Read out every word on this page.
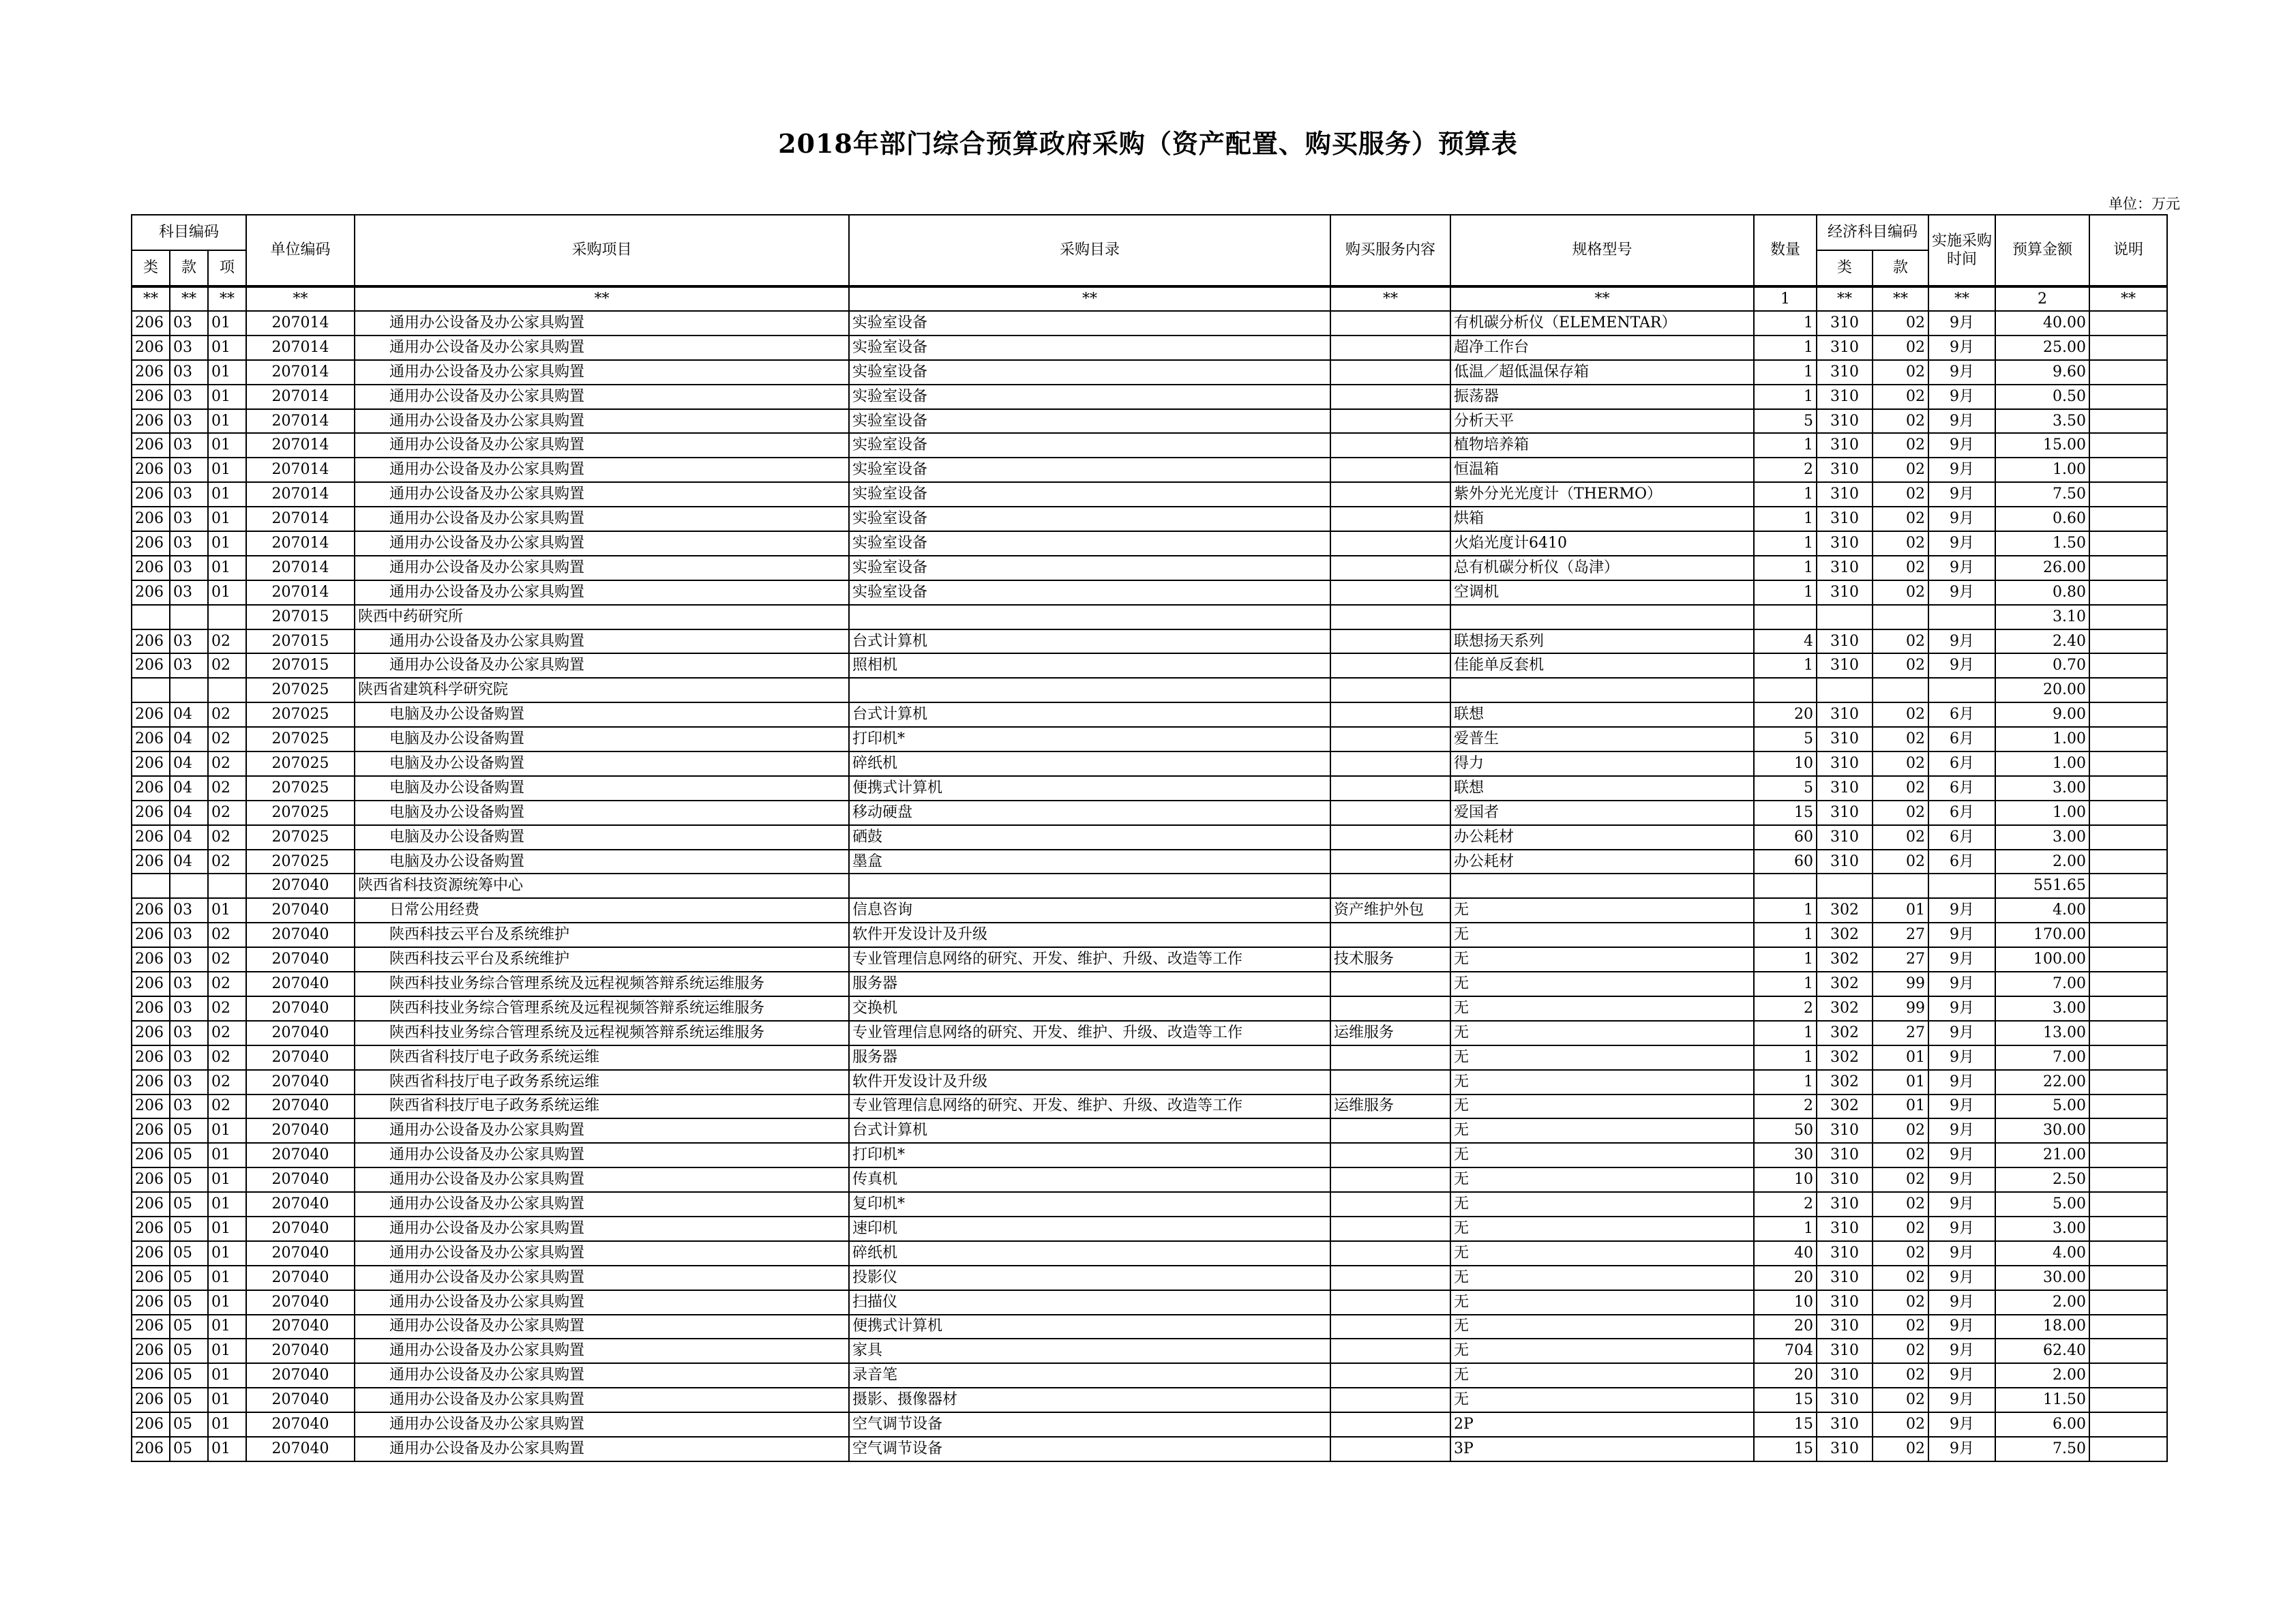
2018年部门综合预算政府采购（资产配置、购买服务）预算表
单位：万元
科目编码			单位编码	采购项目	采购目录	购买服务内容	规格型号	数量	经济科目编码		实施采购时间	预算金额	说明
类	款	项							类	款			
**	**	**	**	**	**	**	**	1	**	**	**	2	**
206	03	01	207014	通用办公设备及办公家具购置	实验室设备		有机碳分析仪（ELEMENTAR）	1	310	02	9月	40.00	
206	03	01	207014	通用办公设备及办公家具购置	实验室设备		超净工作台	1	310	02	9月	25.00	
206	03	01	207014	通用办公设备及办公家具购置	实验室设备		低温／超低温保存箱	1	310	02	9月	9.60	
206	03	01	207014	通用办公设备及办公家具购置	实验室设备		振荡器	1	310	02	9月	0.50	
206	03	01	207014	通用办公设备及办公家具购置	实验室设备		分析天平	5	310	02	9月	3.50	
206	03	01	207014	通用办公设备及办公家具购置	实验室设备		植物培养箱	1	310	02	9月	15.00	
206	03	01	207014	通用办公设备及办公家具购置	实验室设备		恒温箱	2	310	02	9月	1.00	
206	03	01	207014	通用办公设备及办公家具购置	实验室设备		紫外分光光度计（THERMO）	1	310	02	9月	7.50	
206	03	01	207014	通用办公设备及办公家具购置	实验室设备		烘箱	1	310	02	9月	0.60	
206	03	01	207014	通用办公设备及办公家具购置	实验室设备		火焰光度计6410	1	310	02	9月	1.50	
206	03	01	207014	通用办公设备及办公家具购置	实验室设备		总有机碳分析仪（岛津）	1	310	02	9月	26.00	
206	03	01	207014	通用办公设备及办公家具购置	实验室设备		空调机	1	310	02	9月	0.80	
			207015	陕西中药研究所								3.10	
206	03	02	207015	通用办公设备及办公家具购置	台式计算机		联想扬天系列	4	310	02	9月	2.40	
206	03	02	207015	通用办公设备及办公家具购置	照相机		佳能单反套机	1	310	02	9月	0.70	
			207025	陕西省建筑科学研究院								20.00	
206	04	02	207025	电脑及办公设备购置	台式计算机		联想	20	310	02	6月	9.00	
206	04	02	207025	电脑及办公设备购置	打印机*		爱普生	5	310	02	6月	1.00	
206	04	02	207025	电脑及办公设备购置	碎纸机		得力	10	310	02	6月	1.00	
206	04	02	207025	电脑及办公设备购置	便携式计算机		联想	5	310	02	6月	3.00	
206	04	02	207025	电脑及办公设备购置	移动硬盘		爱国者	15	310	02	6月	1.00	
206	04	02	207025	电脑及办公设备购置	硒鼓		办公耗材	60	310	02	6月	3.00	
206	04	02	207025	电脑及办公设备购置	墨盒		办公耗材	60	310	02	6月	2.00	
			207040	陕西省科技资源统筹中心								551.65	
206	03	01	207040	日常公用经费	信息咨询	资产维护外包	无	1	302	01	9月	4.00	
206	03	02	207040	陕西科技云平台及系统维护	软件开发设计及升级		无	1	302	27	9月	170.00	
206	03	02	207040	陕西科技云平台及系统维护	专业管理信息网络的研究、开发、维护、升级、改造等工作	技术服务	无	1	302	27	9月	100.00	
206	03	02	207040	陕西科技业务综合管理系统及远程视频答辩系统运维服务	服务器		无	1	302	99	9月	7.00	
206	03	02	207040	陕西科技业务综合管理系统及远程视频答辩系统运维服务	交换机		无	2	302	99	9月	3.00	
206	03	02	207040	陕西科技业务综合管理系统及远程视频答辩系统运维服务	专业管理信息网络的研究、开发、维护、升级、改造等工作	运维服务	无	1	302	27	9月	13.00	
206	03	02	207040	陕西省科技厅电子政务系统运维	服务器		无	1	302	01	9月	7.00	
206	03	02	207040	陕西省科技厅电子政务系统运维	软件开发设计及升级		无	1	302	01	9月	22.00	
206	03	02	207040	陕西省科技厅电子政务系统运维	专业管理信息网络的研究、开发、维护、升级、改造等工作	运维服务	无	2	302	01	9月	5.00	
206	05	01	207040	通用办公设备及办公家具购置	台式计算机		无	50	310	02	9月	30.00	
206	05	01	207040	通用办公设备及办公家具购置	打印机*		无	30	310	02	9月	21.00	
206	05	01	207040	通用办公设备及办公家具购置	传真机		无	10	310	02	9月	2.50	
206	05	01	207040	通用办公设备及办公家具购置	复印机*		无	2	310	02	9月	5.00	
206	05	01	207040	通用办公设备及办公家具购置	速印机		无	1	310	02	9月	3.00	
206	05	01	207040	通用办公设备及办公家具购置	碎纸机		无	40	310	02	9月	4.00	
206	05	01	207040	通用办公设备及办公家具购置	投影仪		无	20	310	02	9月	30.00	
206	05	01	207040	通用办公设备及办公家具购置	扫描仪		无	10	310	02	9月	2.00	
206	05	01	207040	通用办公设备及办公家具购置	便携式计算机		无	20	310	02	9月	18.00	
206	05	01	207040	通用办公设备及办公家具购置	家具		无	704	310	02	9月	62.40	
206	05	01	207040	通用办公设备及办公家具购置	录音笔		无	20	310	02	9月	2.00	
206	05	01	207040	通用办公设备及办公家具购置	摄影、摄像器材		无	15	310	02	9月	11.50	
206	05	01	207040	通用办公设备及办公家具购置	空气调节设备		2P	15	310	02	9月	6.00	
206	05	01	207040	通用办公设备及办公家具购置	空气调节设备		3P	15	310	02	9月	7.50	
